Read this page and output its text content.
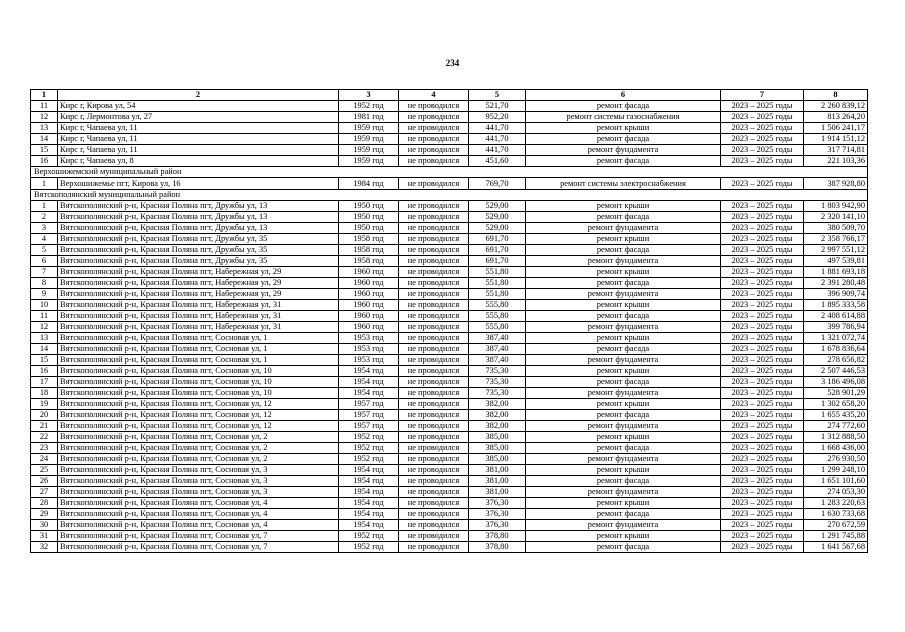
234
1	2	3	4	5	6	7	8
11	Кирс г, Кирова ул, 54	1952 год	не проводился	521,70	ремонт фасада	2023 – 2025 годы	2 260 839,12
12	Кирс г, Лермонтова ул, 27	1981 год	не проводился	952,20	ремонт системы газоснабжения	2023 – 2025 годы	813 264,20
13	Кирс г, Чапаева ул, 11	1959 год	не проводился	441,70	ремонт крыши	2023 – 2025 годы	1 506 241,17
14	Кирс г, Чапаева ул, 11	1959 год	не проводился	441,70	ремонт фасада	2023 – 2025 годы	1 914 151,12
15	Кирс г, Чапаева ул, 11	1959 год	не проводился	441,70	ремонт фундамента	2023 – 2025 годы	317 714,81
16	Кирс г, Чапаева ул, 8	1959 год	не проводился	451,60	ремонт фасада	2023 – 2025 годы	221 103,36
Верхошижемский муниципальный район							
1	Верхошижемье пгт, Кирова ул, 16	1984 год	не проводился	769,70	ремонт системы электроснабжения	2023 – 2025 годы	387 928,80
Вятскополянский муниципальный район							
1	Вятскополянский р-н, Красная Поляна пгт, Дружбы ул, 13	1950 год	не проводился	529,00	ремонт крыши	2023 – 2025 годы	1 803 942,90
2	Вятскополянский р-н, Красная Поляна пгт, Дружбы ул, 13	1950 год	не проводился	529,00	ремонт фасада	2023 – 2025 годы	2 320 141,10
3	Вятскополянский р-н, Красная Поляна пгт, Дружбы ул, 13	1950 год	не проводился	529,00	ремонт фундамента	2023 – 2025 годы	380 509,70
4	Вятскополянский р-н, Красная Поляна пгт, Дружбы ул, 35	1958 год	не проводился	691,70	ремонт крыши	2023 – 2025 годы	2 358 766,17
5	Вятскополянский р-н, Красная Поляна пгт, Дружбы ул, 35	1958 год	не проводился	691,70	ремонт фасада	2023 – 2025 годы	2 997 551,12
6	Вятскополянский р-н, Красная Поляна пгт, Дружбы ул, 35	1958 год	не проводился	691,70	ремонт фундамента	2023 – 2025 годы	497 539,81
7	Вятскополянский р-н, Красная Поляна пгт, Набережная ул, 29	1960 год	не проводился	551,80	ремонт крыши	2023 – 2025 годы	1 881 693,18
8	Вятскополянский р-н, Красная Поляна пгт, Набережная ул, 29	1960 год	не проводился	551,80	ремонт фасада	2023 – 2025 годы	2 391 280,48
9	Вятскополянский р-н, Красная Поляна пгт, Набережная ул, 29	1960 год	не проводился	551,80	ремонт фундамента	2023 – 2025 годы	396 909,74
10	Вятскополянский р-н, Красная Поляна пгт, Набережная ул, 31	1960 год	не проводился	555,80	ремонт крыши	2023 – 2025 годы	1 895 333,58
11	Вятскополянский р-н, Красная Поляна пгт, Набережная ул, 31	1960 год	не проводился	555,80	ремонт фасада	2023 – 2025 годы	2 408 614,88
12	Вятскополянский р-н, Красная Поляна пгт, Набережная ул, 31	1960 год	не проводился	555,80	ремонт фундамента	2023 – 2025 годы	399 786,94
13	Вятскополянский р-н, Красная Поляна пгт, Сосновая ул, 1	1953 год	не проводился	387,40	ремонт крыши	2023 – 2025 годы	1 321 072,74
14	Вятскополянский р-н, Красная Поляна пгт, Сосновая ул, 1	1953 год	не проводился	387,40	ремонт фасада	2023 – 2025 годы	1 678 836,64
15	Вятскополянский р-н, Красная Поляна пгт, Сосновая ул, 1	1953 год	не проводился	387,40	ремонт фундамента	2023 – 2025 годы	278 656,82
16	Вятскополянский р-н, Красная Поляна пгт, Сосновая ул, 10	1954 год	не проводился	735,30	ремонт крыши	2023 – 2025 годы	2 507 446,53
17	Вятскополянский р-н, Красная Поляна пгт, Сосновая ул, 10	1954 год	не проводился	735,30	ремонт фасада	2023 – 2025 годы	3 186 496,08
18	Вятскополянский р-н, Красная Поляна пгт, Сосновая ул, 10	1954 год	не проводился	735,30	ремонт фундамента	2023 – 2025 годы	528 901,29
19	Вятскополянский р-н, Красная Поляна пгт, Сосновая ул, 12	1957 год	не проводился	382,00	ремонт крыши	2023 – 2025 годы	1 302 658,20
20	Вятскополянский р-н, Красная Поляна пгт, Сосновая ул, 12	1957 год	не проводился	382,00	ремонт фасада	2023 – 2025 годы	1 655 435,20
21	Вятскополянский р-н, Красная Поляна пгт, Сосновая ул, 12	1957 год	не проводился	382,00	ремонт фундамента	2023 – 2025 годы	274 772,60
22	Вятскополянский р-н, Красная Поляна пгт, Сосновая ул, 2	1952 год	не проводился	385,00	ремонт крыши	2023 – 2025 годы	1 312 888,50
23	Вятскополянский р-н, Красная Поляна пгт, Сосновая ул, 2	1952 год	не проводился	385,00	ремонт фасада	2023 – 2025 годы	1 668 436,00
24	Вятскополянский р-н, Красная Поляна пгт, Сосновая ул, 2	1952 год	не проводился	385,00	ремонт фундамента	2023 – 2025 годы	276 930,50
25	Вятскополянский р-н, Красная Поляна пгт, Сосновая ул, 3	1954 год	не проводился	381,00	ремонт крыши	2023 – 2025 годы	1 299 248,10
26	Вятскополянский р-н, Красная Поляна пгт, Сосновая ул, 3	1954 год	не проводился	381,00	ремонт фасада	2023 – 2025 годы	1 651 101,60
27	Вятскополянский р-н, Красная Поляна пгт, Сосновая ул, 3	1954 год	не проводился	381,00	ремонт фундамента	2023 – 2025 годы	274 053,30
28	Вятскополянский р-н, Красная Поляна пгт, Сосновая ул, 4	1954 год	не проводился	376,30	ремонт крыши	2023 – 2025 годы	1 283 220,63
29	Вятскополянский р-н, Красная Поляна пгт, Сосновая ул, 4	1954 год	не проводился	376,30	ремонт фасада	2023 – 2025 годы	1 630 733,68
30	Вятскополянский р-н, Красная Поляна пгт, Сосновая ул, 4	1954 год	не проводился	376,30	ремонт фундамента	2023 – 2025 годы	270 672,59
31	Вятскополянский р-н, Красная Поляна пгт, Сосновая ул, 7	1952 год	не проводился	378,80	ремонт крыши	2023 – 2025 годы	1 291 745,88
32	Вятскополянский р-н, Красная Поляна пгт, Сосновая ул, 7	1952 год	не проводился	378,80	ремонт фасада	2023 – 2025 годы	1 641 567,68
